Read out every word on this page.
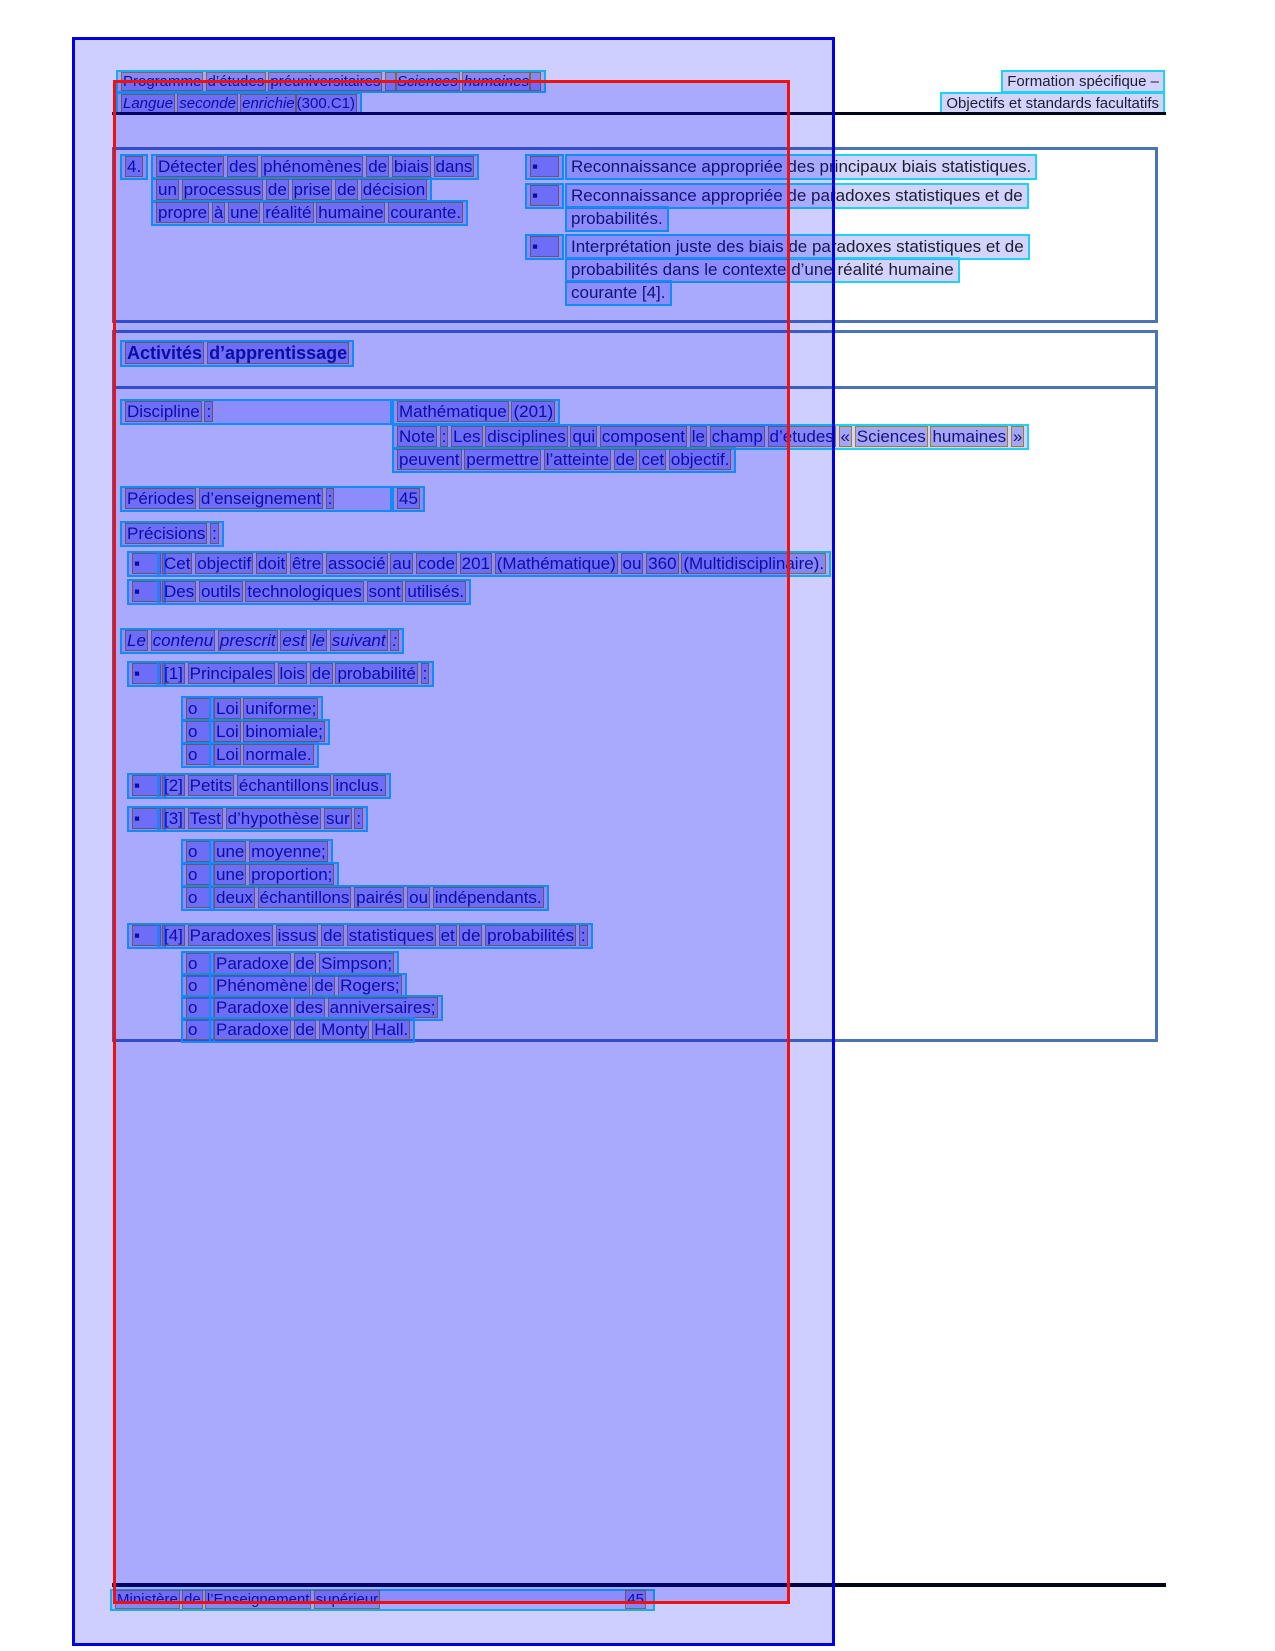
Programme d’études préuniversitaires – Sciences humaines –
Langue seconde enrichie (300.C1)
Formation spécifique –
Objectifs et standards facultatifs
4. Détecter des phénomènes de biais dans
un processus de prise de décision
propre à une réalité humaine courante.
▪	Reconnaissance appropriée des principaux biais statistiques.
▪	Reconnaissance appropriée de paradoxes statistiques et de
probabilités.
▪	Interprétation juste des biais de paradoxes statistiques et de
probabilités dans le contexte d’une réalité humaine
courante [4].
Activités d’apprentissage
Discipline :	Mathématique (201)
Note : Les disciplines qui composent le champ d’études « Sciences humaines »
peuvent permettre l’atteinte de cet objectif.
Périodes d’enseignement :	45
Précisions :
▪	Cet objectif doit être associé au code 201 (Mathématique) ou 360 (Multidisciplinaire).
▪	Des outils technologiques sont utilisés.
Le contenu prescrit est le suivant :
▪	[1] Principales lois de probabilité :
o	Loi uniforme;
o	Loi binomiale;
o	Loi normale.
▪	[2] Petits échantillons inclus.
▪	[3] Test d’hypothèse sur :
o	une moyenne;
o	une proportion;
o	deux échantillons pairés ou indépendants.
▪	[4] Paradoxes issus de statistiques et de probabilités :
o	Paradoxe de Simpson;
o	Phénomène de Rogers;
o	Paradoxe des anniversaires;
o	Paradoxe de Monty Hall.
Ministère de l’Enseignement supérieur	45
